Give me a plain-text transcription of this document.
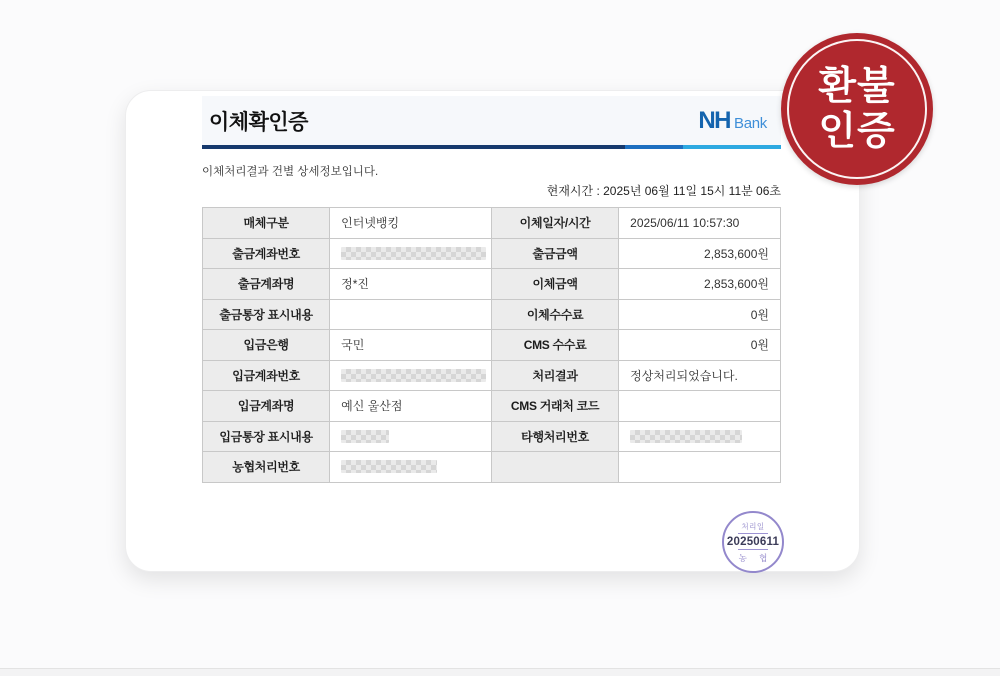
이체확인증	NH Bank
이체처리결과 건별 상세정보입니다.
현재시간 : 2025년 06월 11일 15시 11분 06초
매체구분	인터넷뱅킹	이체일자/시간	2025/06/11 10:57:30
출금계좌번호		출금금액	2,853,600원
출금계좌명	정*진	이체금액	2,853,600원
출금통장 표시내용		이체수수료	0원
입금은행	국민	CMS 수수료	0원
입금계좌번호		처리결과	정상처리되었습니다.
입금계좌명	예신 울산점	CMS 거래처 코드	
입금통장 표시내용		타행처리번호	

농협처리번호	

처리일
20250611
농 협
환불
인증
